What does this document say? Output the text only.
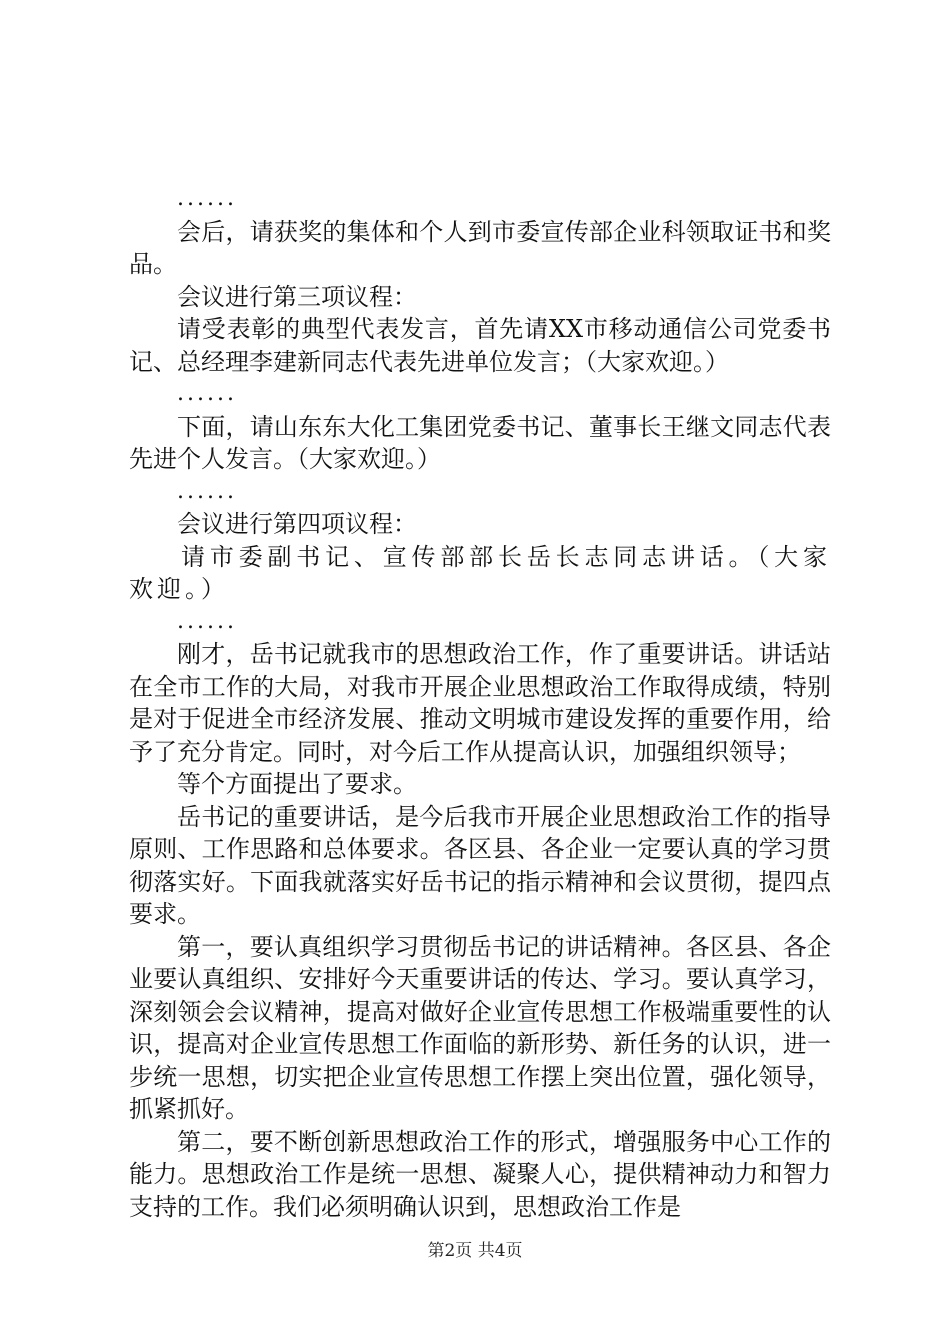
......

会后，请获奖的集体和个人到市委宣传部企业科领取证书和奖品。

会议进行第三项议程：

请受表彰的典型代表发言，首先请XX市移动通信公司党委书记、总经理李建新同志代表先进单位发言；（大家欢迎。）

......

下面，请山东东大化工集团党委书记、董事长王继文同志代表先进个人发言。（大家欢迎。）

......

会议进行第四项议程：

请市委副书记、宣传部部长岳长志同志讲话。（大家欢迎。）

......

刚才，岳书记就我市的思想政治工作，作了重要讲话。讲话站在全市工作的大局，对我市开展企业思想政治工作取得成绩，特别是对于促进全市经济发展、推动文明城市建设发挥的重要作用，给予了充分肯定。同时，对今后工作从提高认识，加强组织领导；

等个方面提出了要求。

岳书记的重要讲话，是今后我市开展企业思想政治工作的指导原则、工作思路和总体要求。各区县、各企业一定要认真的学习贯彻落实好。下面我就落实好岳书记的指示精神和会议贯彻，提四点要求。

第一，要认真组织学习贯彻岳书记的讲话精神。各区县、各企业要认真组织、安排好今天重要讲话的传达、学习。要认真学习，深刻领会会议精神，提高对做好企业宣传思想工作极端重要性的认识，提高对企业宣传思想工作面临的新形势、新任务的认识，进一步统一思想，切实把企业宣传思想工作摆上突出位置，强化领导，抓紧抓好。

第二，要不断创新思想政治工作的形式，增强服务中心工作的能力。思想政治工作是统一思想、凝聚人心，提供精神动力和智力支持的工作。我们必须明确认识到，思想政治工作是

第2页 共4页
